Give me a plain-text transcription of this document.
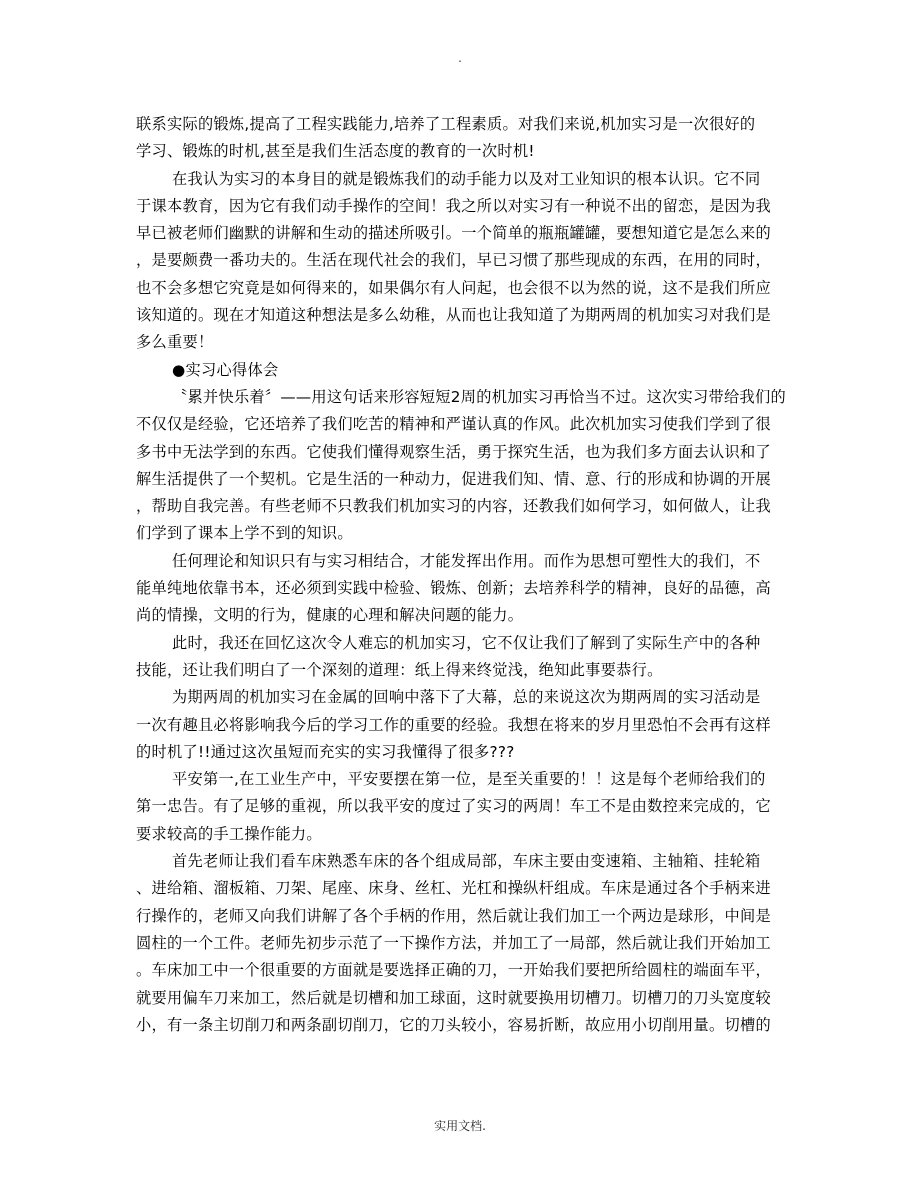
.
联系实际的锻炼,提高了工程实践能力,培养了工程素质。对我们来说,机加实习是一次很好的
学习、锻炼的时机,甚至是我们生活态度的教育的一次时机!
在我认为实习的本身目的就是锻炼我们的动手能力以及对工业知识的根本认识。它不同
于课本教育，因为它有我们动手操作的空间！我之所以对实习有一种说不出的留恋，是因为我
早已被老师们幽默的讲解和生动的描述所吸引。一个简单的瓶瓶罐罐，要想知道它是怎么来的
，是要颇费一番功夫的。生活在现代社会的我们，早已习惯了那些现成的东西，在用的同时，
也不会多想它究竟是如何得来的，如果偶尔有人问起，也会很不以为然的说，这不是我们所应
该知道的。现在才知道这种想法是多么幼稚，从而也让我知道了为期两周的机加实习对我们是
多么重要！
●实习心得体会
〝累并快乐着〞——用这句话来形容短短2周的机加实习再恰当不过。这次实习带给我们的
不仅仅是经验，它还培养了我们吃苦的精神和严谨认真的作风。此次机加实习使我们学到了很
多书中无法学到的东西。它使我们懂得观察生活，勇于探究生活，也为我们多方面去认识和了
解生活提供了一个契机。它是生活的一种动力，促进我们知、情、意、行的形成和协调的开展
，帮助自我完善。有些老师不只教我们机加实习的内容，还教我们如何学习，如何做人，让我
们学到了课本上学不到的知识。
任何理论和知识只有与实习相结合，才能发挥出作用。而作为思想可塑性大的我们，不
能单纯地依靠书本，还必须到实践中检验、锻炼、创新；去培养科学的精神，良好的品德，高
尚的情操，文明的行为，健康的心理和解决问题的能力。
此时，我还在回忆这次令人难忘的机加实习，它不仅让我们了解到了实际生产中的各种
技能，还让我们明白了一个深刻的道理：纸上得来终觉浅，绝知此事要恭行。
为期两周的机加实习在金属的回响中落下了大幕，总的来说这次为期两周的实习活动是
一次有趣且必将影响我今后的学习工作的重要的经验。我想在将来的岁月里恐怕不会再有这样
的时机了!!通过这次虽短而充实的实习我懂得了很多???
平安第一,在工业生产中，平安要摆在第一位，是至关重要的！！这是每个老师给我们的
第一忠告。有了足够的重视，所以我平安的度过了实习的两周！车工不是由数控来完成的，它
要求较高的手工操作能力。
首先老师让我们看车床熟悉车床的各个组成局部，车床主要由变速箱、主轴箱、挂轮箱
、进给箱、溜板箱、刀架、尾座、床身、丝杠、光杠和操纵杆组成。车床是通过各个手柄来进
行操作的，老师又向我们讲解了各个手柄的作用，然后就让我们加工一个两边是球形，中间是
圆柱的一个工件。老师先初步示范了一下操作方法，并加工了一局部，然后就让我们开始加工
。车床加工中一个很重要的方面就是要选择正确的刀，一开始我们要把所给圆柱的端面车平，
就要用偏车刀来加工，然后就是切槽和加工球面，这时就要换用切槽刀。切槽刀的刀头宽度较
小，有一条主切削刀和两条副切削刀，它的刀头较小，容易折断，故应用小切削用量。切槽的
实用文档.
